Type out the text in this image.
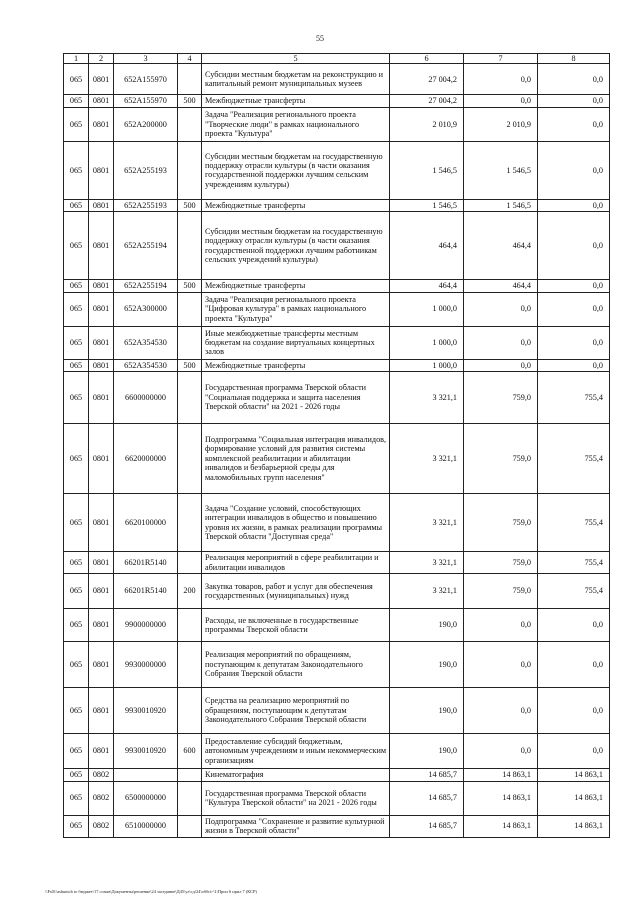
55
1	2	3	4	5	6	7	8
065	0801	652A155970		Субсидии местным бюджетам на реконструкцию и капитальный ремонт муниципальных музеев	27 004,2	0,0	0,0
065	0801	652A155970	500	Межбюджетные трансферты	27 004,2	0,0	0,0
065	0801	652A200000		Задача "Реализация регионального проекта "Творческие люди" в рамках национального проекта "Культура"	2 010,9	2 010,9	0,0
065	0801	652A255193		Субсидии местным бюджетам на государственную поддержку отрасли культуры (в части оказания государственной поддержки лучшим сельским учреждениям культуры)	1 546,5	1 546,5	0,0
065	0801	652A255193	500	Межбюджетные трансферты	1 546,5	1 546,5	0,0
065	0801	652A255194		Субсидии местным бюджетам на государственную поддержку отрасли культуры (в части оказания государственной поддержки лучшим работникам сельских учреждений культуры)	464,4	464,4	0,0
065	0801	652A255194	500	Межбюджетные трансферты	464,4	464,4	0,0
065	0801	652A300000		Задача "Реализация регионального проекта "Цифровая культура" в рамках национального проекта "Культура"	1 000,0	0,0	0,0
065	0801	652A354530		Иные межбюджетные трансферты местным бюджетам на создание виртуальных концертных залов	1 000,0	0,0	0,0
065	0801	652A354530	500	Межбюджетные трансферты	1 000,0	0,0	0,0
065	0801	6600000000		Государственная программа Тверской области "Социальная поддержка и защита населения Тверской области" на 2021 - 2026 годы	3 321,1	759,0	755,4
065	0801	6620000000		Подпрограмма "Социальная интеграция инвалидов, формирование условий для развития системы комплексной реабилитации и абилитации инвалидов и безбарьерной среды для маломобильных групп населения"	3 321,1	759,0	755,4
065	0801	6620100000		Задача "Создание условий, способствующих интеграции инвалидов в общество и повышению уровня их жизни, в рамках реализации программы Тверской области "Доступная среда"	3 321,1	759,0	755,4
065	0801	66201R5140		Реализация мероприятий в сфере реабилитации и абилитации инвалидов	3 321,1	759,0	755,4
065	0801	66201R5140	200	Закупка товаров, работ и услуг для обеспечения государственных (муниципальных) нужд	3 321,1	759,0	755,4
065	0801	9900000000		Расходы, не включенные в государственные программы Тверской области	190,0	0,0	0,0
065	0801	9930000000		Реализация мероприятий по обращениям, поступающим к депутатам Законодательного Собрания Тверской области	190,0	0,0	0,0
065	0801	9930010920		Средства на реализацию мероприятий по обращениям, поступающим к депутатам Законодательного Собрания Тверской области	190,0	0,0	0,0
065	0801	9930010920	600	Предоставление субсидий бюджетным, автономным учреждениям и иным некоммерческим организациям	190,0	0,0	0,0
065	0802			Кинематография	14 685,7	14 863,1	14 863,1
065	0802	6500000000		Государственная программа Тверской области "Культура Тверской области" на 2021 - 2026 годы	14 685,7	14 863,1	14 863,1
065	0802	6510000000		Подпрограмма "Сохранение и развитие культурной жизни в Тверской области"	14 685,7	14 863,1	14 863,1
\\Fs01\ashuntcb to бюджет\17 созыв\Документы\решение\24 заседание\Д45\ул\сд\24\оббп\-\1\Прил 6 прил 7 (КСР)
